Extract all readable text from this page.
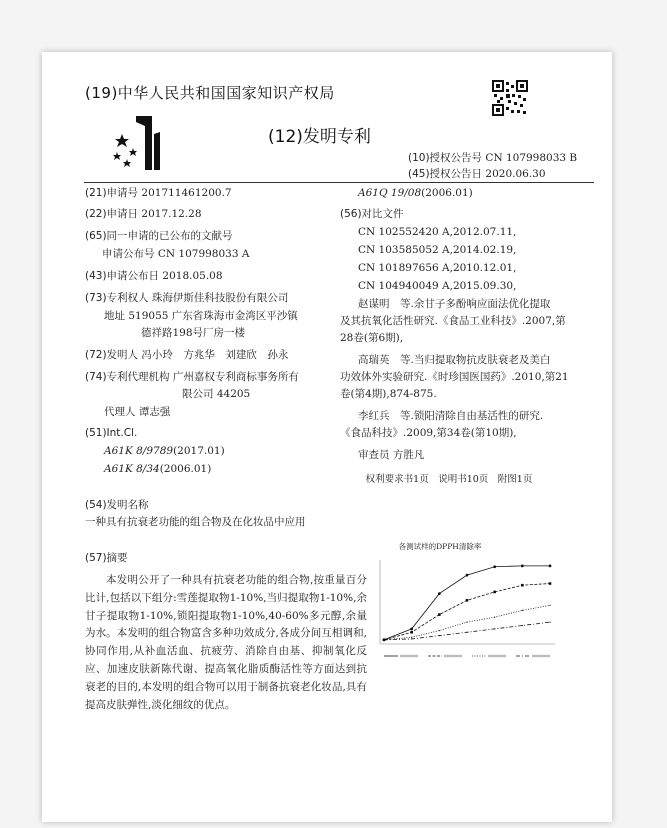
(19)中华人民共和国国家知识产权局
(12)发明专利
(10)授权公告号 CN 107998033 B
(45)授权公告日 2020.06.30
(21)申请号 201711461200.7
(22)申请日 2017.12.28
(65)同一申请的已公布的文献号
申请公布号 CN 107998033 A
(43)申请公布日 2018.05.08
(73)专利权人 珠海伊斯佳科技股份有限公司
地址 519055 广东省珠海市金湾区平沙镇
德祥路198号厂房一楼
(72)发明人 冯小玲　方兆华　刘建欣　孙永
(74)专利代理机构 广州嘉权专利商标事务所有
限公司 44205
代理人 谭志强
(51)Int.Cl.
A61K 8/9789(2017.01)
A61K 8/34(2006.01)
A61Q 19/08(2006.01)
(56)对比文件
CN 102552420 A,2012.07.11,
CN 103585052 A,2014.02.19,
CN 101897656 A,2010.12.01,
CN 104940049 A,2015.09.30,
赵谋明　等.余甘子多酚响应面法优化提取
及其抗氧化活性研究.《食品工业科技》.2007,第
28卷(第6期),
高瑞英　等.当归提取物抗皮肤衰老及美白
功效体外实验研究.《时珍国医国药》.2010,第21
卷(第4期),874-875.
李红兵　等.锁阳清除自由基活性的研究.
《食品科技》.2009,第34卷(第10期),
审查员 方胜凡
权利要求书1页　说明书10页　附图1页
(54)发明名称
一种具有抗衰老功能的组合物及在化妆品中应用
(57)摘要
本发明公开了一种具有抗衰老功能的组合物,按重量百分比计,包括以下组分:雪莲提取物1-10%,当归提取物1-10%,余甘子提取物1-10%,锁阳提取物1-10%,40-60%多元醇,余量为水。本发明的组合物富含多种功效成分,各成分间互相调和,协同作用,从补血活血、抗疲劳、消除自由基、抑制氧化反应、加速皮肤新陈代谢、提高氧化脂质酶活性等方面达到抗衰老的目的,本发明的组合物可以用于制备抗衰老化妆品,具有提高皮肤弹性,淡化细纹的优点。
各测试样的DPPH清除率
